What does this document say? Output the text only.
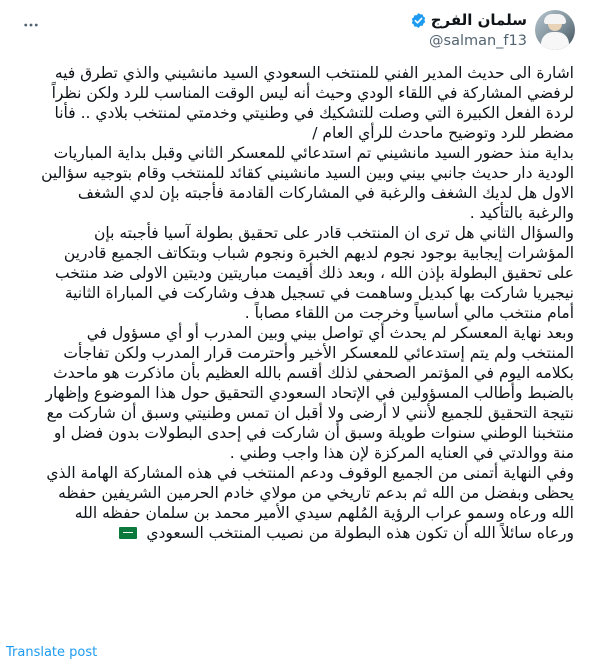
سلمان الفرج
@salman_f13

اشارة الى حديث المدير الفني للمنتخب السعودي السيد مانشيني والذي تطرق فيه لرفضي المشاركة في اللقاء الودي وحيث أنه ليس الوقت المناسب للرد ولكن نظراً لردة الفعل الكبيرة التي وصلت للتشكيك في وطنيتي وخدمتي لمنتخب بلادي .. فأنا مضطر للرد وتوضيح ماحدث للرأي العام /

بداية منذ حضور السيد مانشيني تم استدعائي للمعسكر الثاني وقبل بداية المباريات الودية دار حديث جانبي بيني وبين السيد مانشيني كقائد للمنتخب وقام بتوجيه سؤالين الاول هل لديك الشغف والرغبة في المشاركات القادمة فأجبته بإن لدي الشغف والرغبة بالتأكيد .

والسؤال الثاني هل ترى ان المنتخب قادر على تحقيق بطولة آسيا فأجبته بإن المؤشرات إيجابية بوجود نجوم لديهم الخبرة ونجوم شباب وبتكاتف الجميع قادرين على تحقيق البطولة بإذن الله ، وبعد ذلك أقيمت مباريتين وديتين الاولى ضد منتخب نيجيريا شاركت بها كبديل وساهمت في تسجيل هدف وشاركت في المباراة الثانية أمام منتخب مالي أساسياً وخرجت من اللقاء مصاباً .

وبعد نهاية المعسكر لم يحدث أي تواصل بيني وبين المدرب أو أي مسؤول في المنتخب ولم يتم إستدعائي للمعسكر الأخير وأحترمت قرار المدرب ولكن تفاجأت بكلامه اليوم في المؤتمر الصحفي لذلك أقسم بالله العظيم بأن ماذكرت هو ماحدث بالضبط وأطالب المسؤولين في الإتحاد السعودي التحقيق حول هذا الموضوع وإظهار نتيجة التحقيق للجميع لأنني لا أرضى ولا أقبل ان تمس وطنيتي وسبق أن شاركت مع منتخبنا الوطني سنوات طويلة وسبق أن شاركت في إحدى البطولات بدون فضل او منة ووالدتي في العنايه المركزة لإن هذا واجب وطني .

وفي النهاية أتمنى من الجميع الوقوف ودعم المنتخب في هذه المشاركة الهامة الذي يحظى وبفضل من الله ثم بدعم تاريخي من مولاي خادم الحرمين الشريفين حفظه الله ورعاه وسمو عراب الرؤية المُلهم سيدي الأمير محمد بن سلمان حفظه الله ورعاه سائلاً الله أن تكون هذه البطولة من نصيب المنتخب السعودي

Translate post
